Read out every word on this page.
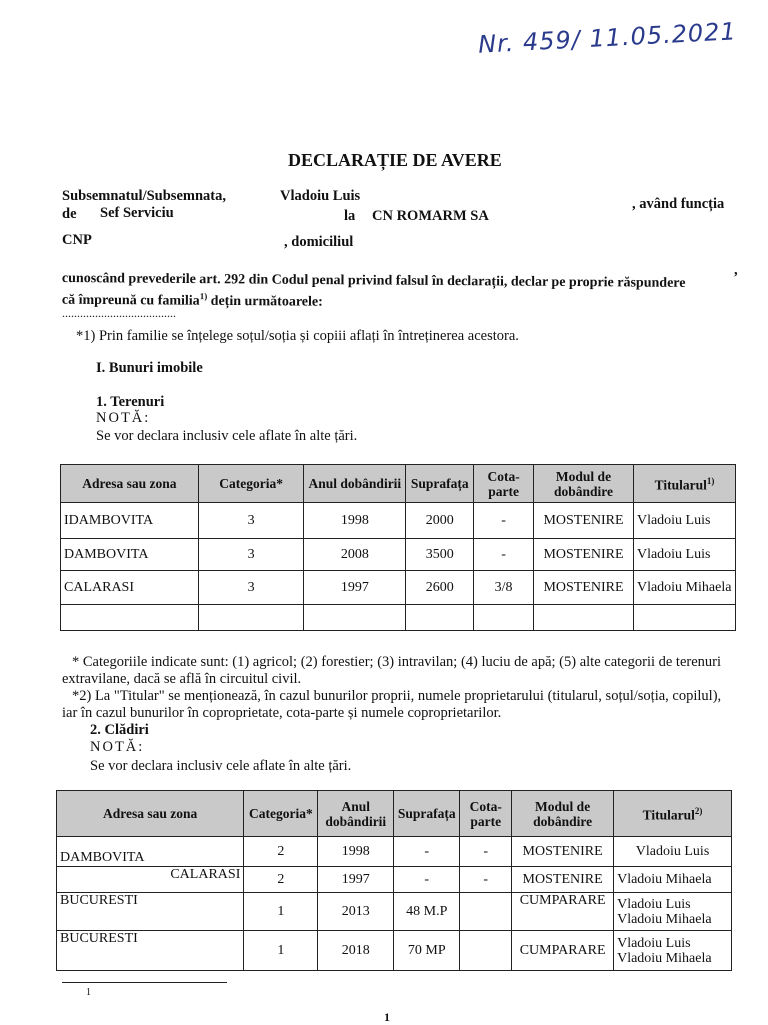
Nr. 459/ 11.05.2021
DECLARAȚIE DE AVERE
Subsemnatul/Subsemnata,	Vladoiu Luis	, având funcția
de Sef Serviciu	la CN ROMARM SA
CNP	, domiciliul
,
cunoscând prevederile art. 292 din Codul penal privind falsul în declarații, declar pe proprie răspundere
că împreună cu familia$^{1)}$ dețin următoarele:
......................................
*1) Prin familie se înțelege soțul/soția și copiii aflați în întreținerea acestora.
I. Bunuri imobile
1. Terenuri
NOTĂ:
Se vor declara inclusiv cele aflate în alte țări.
Adresa sau zona	Categoria*	Anul dobândirii	Suprafața	Cota-parte	Modul de dobândire	Titularul$^{1)}$
IDAMBOVITA	3	1998	2000	-	MOSTENIRE	Vladoiu Luis
DAMBOVITA	3	2008	3500	-	MOSTENIRE	Vladoiu Luis
CALARASI	3	1997	2600	3/8	MOSTENIRE	Vladoiu Mihaela

* Categoriile indicate sunt: (1) agricol; (2) forestier; (3) intravilan; (4) luciu de apă; (5) alte categorii de terenuri
extravilane, dacă se află în circuitul civil.
*2) La "Titular" se menționează, în cazul bunurilor proprii, numele proprietarului (titularul, soțul/soția, copilul),
iar în cazul bunurilor în coproprietate, cota-parte și numele coproprietarilor.
2. Clădiri
NOTĂ:
Se vor declara inclusiv cele aflate în alte țări.
Adresa sau zona	Categoria*	Anul dobândirii	Suprafața	Cota-parte	Modul de dobândire	Titularul$^{2)}$
DAMBOVITA	2	1998	-	-	MOSTENIRE	Vladoiu Luis
CALARASI	2	1997	-	-	MOSTENIRE	Vladoiu Mihaela
BUCURESTI	1	2013	48 M.P		CUMPARARE	Vladoiu Luis
Vladoiu Mihaela

BUCURESTI	1	2018	70 MP		CUMPARARE	Vladoiu Luis
Vladoiu Mihaela
1
1
